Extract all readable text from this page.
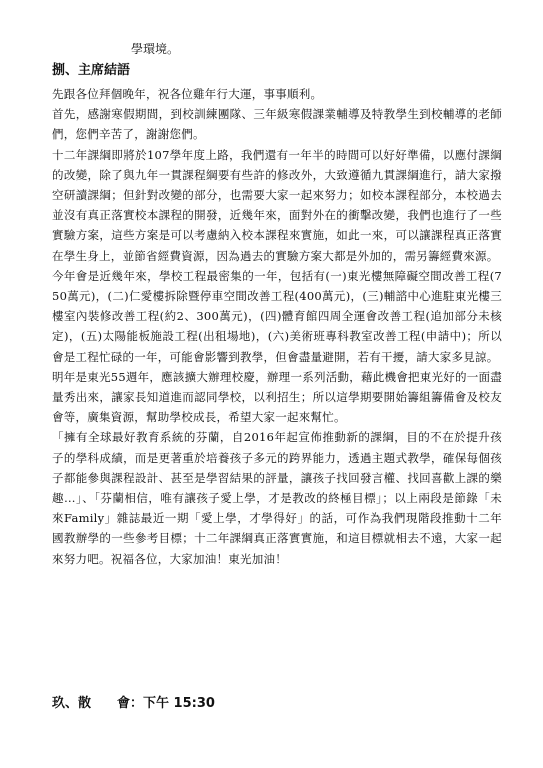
學環境。
捌、主席結語

先跟各位拜個晚年，祝各位雞年行大運，事事順利。

首先，感謝寒假期間，到校訓練團隊、三年級寒假課業輔導及特教學生到校輔導的老師們，您們辛苦了，謝謝您們。

十二年課綱即將於107學年度上路，我們還有一年半的時間可以好好準備，以應付課綱的改變，除了與九年一貫課程綱要有些許的修改外，大致遵循九貫課綱進行，請大家撥空研讀課綱；但針對改變的部分，也需要大家一起來努力；如校本課程部分，本校過去並沒有真正落實校本課程的開發，近幾年來，面對外在的衝擊改變，我們也進行了一些實驗方案，這些方案是可以考慮納入校本課程來實施，如此一來，可以讓課程真正落實在學生身上，並節省經費資源，因為過去的實驗方案大都是外加的，需另籌經費來源。

今年會是近幾年來，學校工程最密集的一年，包括有(一)東光樓無障礙空間改善工程(750萬元)，(二)仁愛樓拆除暨停車空間改善工程(400萬元)，(三)輔諮中心進駐東光樓三樓室內裝修改善工程(約2、300萬元)，(四)體育館四周全運會改善工程(追加部分未核定)，(五)太陽能板施設工程(出租場地)，(六)美術班專科教室改善工程(申請中)；所以會是工程忙碌的一年，可能會影響到教學，但會盡量避開，若有干擾，請大家多見諒。

明年是東光55週年，應該擴大辦理校慶，辦理一系列活動，藉此機會把東光好的一面盡量秀出來，讓家長知道進而認同學校，以利招生；所以這學期要開始籌組籌備會及校友會等，廣集資源，幫助學校成長，希望大家一起來幫忙。

「擁有全球最好教育系統的芬蘭，自2016年起宣佈推動新的課綱，目的不在於提升孩子的學科成績，而是更著重於培養孩子多元的跨界能力，透過主題式教學，確保每個孩子都能參與課程設計、甚至是學習結果的評量，讓孩子找回發言權、找回喜歡上課的樂趣…」、「芬蘭相信，唯有讓孩子愛上學，才是教改的終極目標」；以上兩段是節錄「未來Family」雜誌最近一期「愛上學，才學得好」的話，可作為我們現階段推動十二年國教辦學的一些參考目標；十二年課綱真正落實實施，和這目標就相去不遠，大家一起來努力吧。祝福各位，大家加油！東光加油！

玖、散　　會：下午 15:30
